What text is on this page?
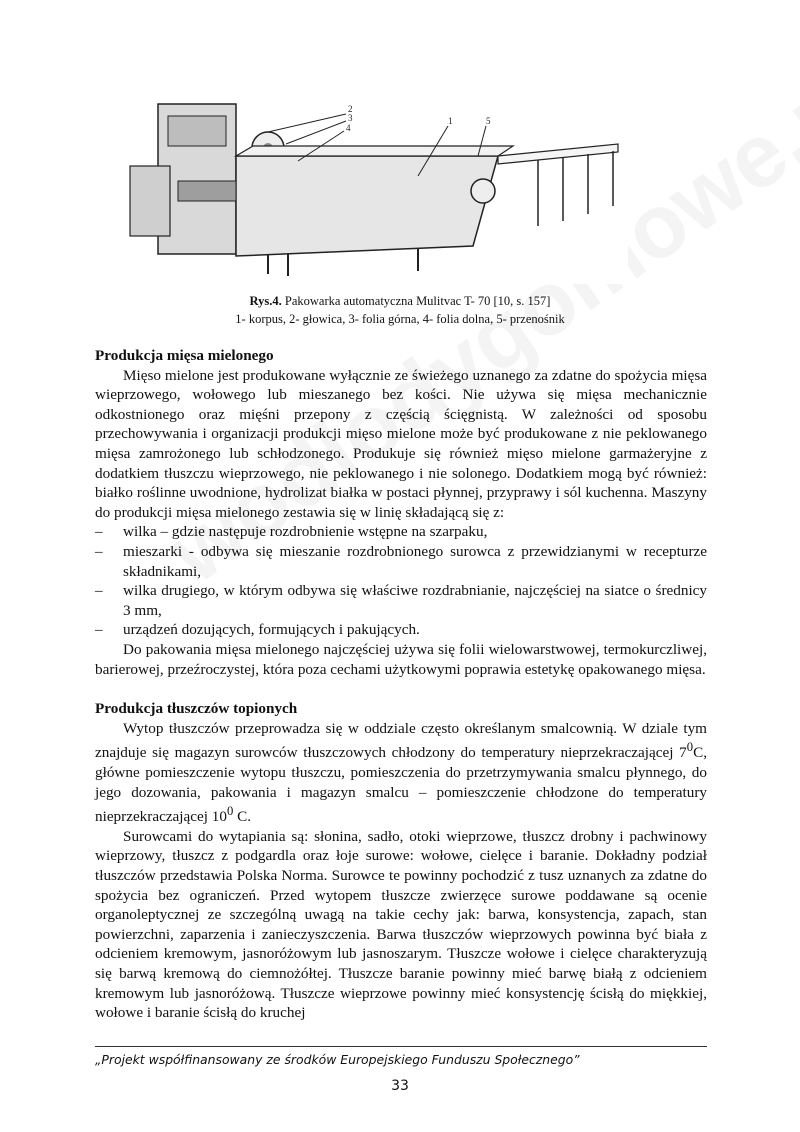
1
2
3
4
5
Rys.4. Pakowarka automatyczna Mulitvac T- 70 [10, s. 157]
1- korpus, 2- głowica, 3- folia górna, 4- folia dolna, 5- przenośnik
Produkcja mięsa mielonego

Mięso mielone jest produkowane wyłącznie ze świeżego uznanego za zdatne do spożycia mięsa wieprzowego, wołowego lub mieszanego bez kości. Nie używa się mięsa mechanicznie odkostnionego oraz mięśni przepony z częścią ścięgnistą. W zależności od sposobu przechowywania i organizacji produkcji mięso mielone może być produkowane z nie peklowanego mięsa zamrożonego lub schłodzonego. Produkuje się również mięso mielone garmażeryjne z dodatkiem tłuszczu wieprzowego, nie peklowanego i nie solonego. Dodatkiem mogą być również: białko roślinne uwodnione, hydrolizat białka w postaci płynnej, przyprawy i sól kuchenna. Maszyny do produkcji mięsa mielonego zestawia się w linię składającą się z:

– wilka – gdzie następuje rozdrobnienie wstępne na szarpaku,
– mieszarki - odbywa się mieszanie rozdrobnionego surowca z przewidzianymi w recepturze składnikami,
– wilka drugiego, w którym odbywa się właściwe rozdrabnianie, najczęściej na siatce o średnicy 3 mm,
– urządzeń dozujących, formujących i pakujących.

Do pakowania mięsa mielonego najczęściej używa się folii wielowarstwowej, termokurczliwej, barierowej, przeźroczystej, która poza cechami użytkowymi poprawia estetykę opakowanego mięsa.

Produkcja tłuszczów topionych

Wytop tłuszczów przeprowadza się w oddziale często określanym smalcownią. W dziale tym znajduje się magazyn surowców tłuszczowych chłodzony do temperatury nieprzekraczającej $7^0C$, główne pomieszczenie wytopu tłuszczu, pomieszczenia do przetrzymywania smalcu płynnego, do jego dozowania, pakowania i magazyn smalcu – pomieszczenie chłodzone do temperatury nieprzekraczającej $10^0$ C.

Surowcami do wytapiania są: słonina, sadło, otoki wieprzowe, tłuszcz drobny i pachwinowy wieprzowy, tłuszcz z podgardla oraz łoje surowe: wołowe, cielęce i baranie. Dokładny podział tłuszczów przedstawia Polska Norma. Surowce te powinny pochodzić z tusz uznanych za zdatne do spożycia bez ograniczeń. Przed wytopem tłuszcze zwierzęce surowe poddawane są ocenie organoleptycznej ze szczególną uwagą na takie cechy jak: barwa, konsystencja, zapach, stan powierzchni, zaparzenia i zanieczyszczenia. Barwa tłuszczów wieprzowych powinna być biała z odcieniem kremowym, jasnoróżowym lub jasnoszarym. Tłuszcze wołowe i cielęce charakteryzują się barwą kremową do ciemnożółtej. Tłuszcze baranie powinny mieć barwę białą z odcieniem kremowym lub jasnoróżową. Tłuszcze wieprzowe powinny mieć konsystencję ścisłą do miękkiej, wołowe i baranie ścisłą do kruchej

„Projekt współfinansowany ze środków Europejskiego Funduszu Społecznego”
33
